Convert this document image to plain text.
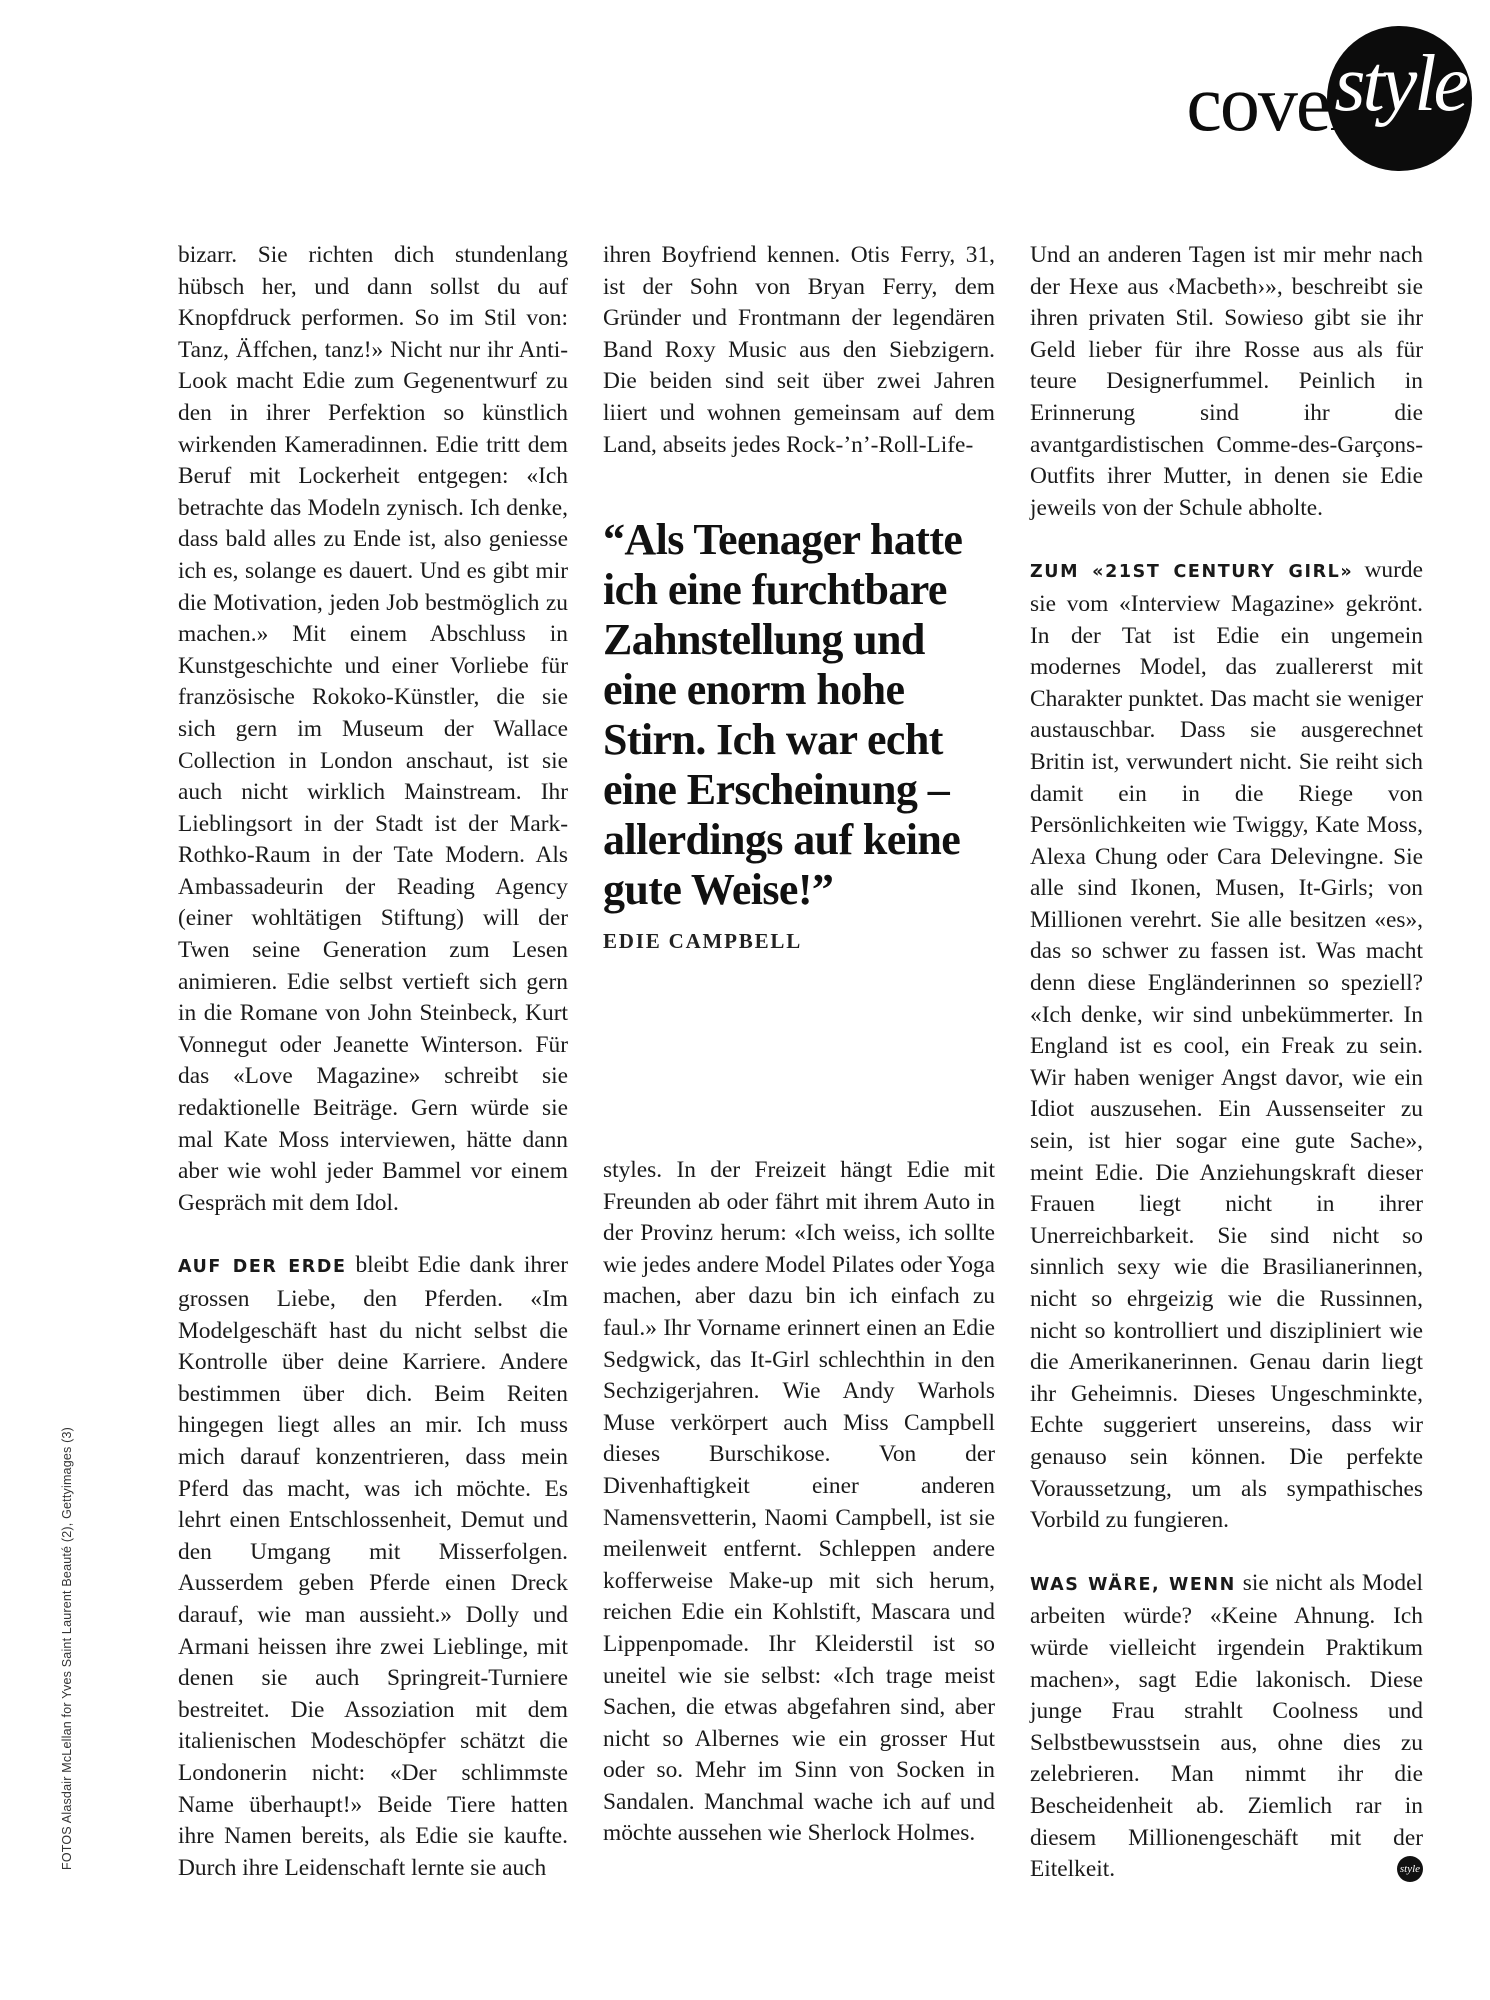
cover
style
FOTOS Alasdair McLellan for Yves Saint Laurent Beauté (2), Gettyimages (3)

bizarr. Sie richten dich stundenlang hübsch her, und dann sollst du auf Knopfdruck performen. So im Stil von: Tanz, Äffchen, tanz!» Nicht nur ihr Anti-Look macht Edie zum Gegenentwurf zu den in ihrer Perfektion so künstlich wirkenden Kameradinnen. Edie tritt dem Beruf mit Lockerheit entgegen: «Ich betrachte das Modeln zynisch. Ich denke, dass bald alles zu Ende ist, also geniesse ich es, solange es dauert. Und es gibt mir die Motivation, jeden Job bestmöglich zu machen.» Mit einem Abschluss in Kunstgeschichte und einer Vorliebe für französische Rokoko-Künstler, die sie sich gern im Museum der Wallace Collection in London anschaut, ist sie auch nicht wirklich Mainstream. Ihr Lieblingsort in der Stadt ist der Mark-Rothko-Raum in der Tate Modern. Als Ambassadeurin der Reading Agency (einer wohltätigen Stiftung) will der Twen seine Generation zum Lesen animieren. Edie selbst vertieft sich gern in die Romane von John Steinbeck, Kurt Vonnegut oder Jeanette Winterson. Für das «Love Magazine» schreibt sie redaktionelle Beiträge. Gern würde sie mal Kate Moss interviewen, hätte dann aber wie wohl jeder Bammel vor einem Gespräch mit dem Idol.

AUF DER ERDE bleibt Edie dank ihrer grossen Liebe, den Pferden. «Im Modelgeschäft hast du nicht selbst die Kontrolle über deine Karriere. Andere bestimmen über dich. Beim Reiten hingegen liegt alles an mir. Ich muss mich darauf konzentrieren, dass mein Pferd das macht, was ich möchte. Es lehrt einen Entschlossenheit, Demut und den Umgang mit Misserfolgen. Ausserdem geben Pferde einen Dreck darauf, wie man aussieht.» Dolly und Armani heissen ihre zwei Lieblinge, mit denen sie auch Springreit-Turniere bestreitet. Die Assoziation mit dem italienischen Modeschöpfer schätzt die Londonerin nicht: «Der schlimmste Name überhaupt!» Beide Tiere hatten ihre Namen bereits, als Edie sie kaufte. Durch ihre Leidenschaft lernte sie auch

ihren Boyfriend kennen. Otis Ferry, 31, ist der Sohn von Bryan Ferry, dem Gründer und Frontmann der legendären Band Roxy Music aus den Siebzigern. Die beiden sind seit über zwei Jahren liiert und wohnen gemeinsam auf dem Land, abseits jedes Rock-’n’-Roll-Life-

styles. In der Freizeit hängt Edie mit Freunden ab oder fährt mit ihrem Auto in der Provinz herum: «Ich weiss, ich sollte wie jedes andere Model Pilates oder Yoga machen, aber dazu bin ich einfach zu faul.» Ihr Vorname erinnert einen an Edie Sedgwick, das It-Girl schlechthin in den Sechzigerjahren. Wie Andy Warhols Muse verkörpert auch Miss Campbell dieses Burschikose. Von der Divenhaftigkeit einer anderen Namensvetterin, Naomi Campbell, ist sie meilenweit entfernt. Schleppen andere kofferweise Make-up mit sich herum, reichen Edie ein Kohlstift, Mascara und Lippenpomade. Ihr Kleiderstil ist so uneitel wie sie selbst: «Ich trage meist Sachen, die etwas abgefahren sind, aber nicht so Albernes wie ein grosser Hut oder so. Mehr im Sinn von Socken in Sandalen. Manchmal wache ich auf und möchte aussehen wie Sherlock Holmes.

“Als Teenager hatte ich eine furchtbare Zahnstellung und eine enorm hohe Stirn. Ich war echt eine Erscheinung – allerdings auf keine gute Weise!”

EDIE CAMPBELL

Und an anderen Tagen ist mir mehr nach der Hexe aus ‹Macbeth›», beschreibt sie ihren privaten Stil. Sowieso gibt sie ihr Geld lieber für ihre Rosse aus als für teure Designerfummel. Peinlich in Erinnerung sind ihr die avantgardistischen Comme-des-Garçons-Outfits ihrer Mutter, in denen sie Edie jeweils von der Schule abholte.

ZUM «21ST CENTURY GIRL» wurde sie vom «Interview Magazine» gekrönt. In der Tat ist Edie ein ungemein modernes Model, das zuallererst mit Charakter punktet. Das macht sie weniger austauschbar. Dass sie ausgerechnet Britin ist, verwundert nicht. Sie reiht sich damit ein in die Riege von Persönlichkeiten wie Twiggy, Kate Moss, Alexa Chung oder Cara Delevingne. Sie alle sind Ikonen, Musen, It-Girls; von Millionen verehrt. Sie alle besitzen «es», das so schwer zu fassen ist. Was macht denn diese Engländerinnen so speziell? «Ich denke, wir sind unbekümmerter. In England ist es cool, ein Freak zu sein. Wir haben weniger Angst davor, wie ein Idiot auszusehen. Ein Aussenseiter zu sein, ist hier sogar eine gute Sache», meint Edie. Die Anziehungskraft dieser Frauen liegt nicht in ihrer Unerreichbarkeit. Sie sind nicht so sinnlich sexy wie die Brasilianerinnen, nicht so ehrgeizig wie die Russinnen, nicht so kontrolliert und diszipliniert wie die Amerikanerinnen. Genau darin liegt ihr Geheimnis. Dieses Ungeschminkte, Echte suggeriert unsereins, dass wir genauso sein können. Die perfekte Voraussetzung, um als sympathisches Vorbild zu fungieren.

WAS WÄRE, WENN sie nicht als Model arbeiten würde? «Keine Ahnung. Ich würde vielleicht irgendein Praktikum machen», sagt Edie lakonisch. Diese junge Frau strahlt Coolness und Selbstbewusstsein aus, ohne dies zu zelebrieren. Man nimmt ihr die Bescheidenheit ab. Ziemlich rar in diesem Millionengeschäft mit der Eitelkeit.	style
